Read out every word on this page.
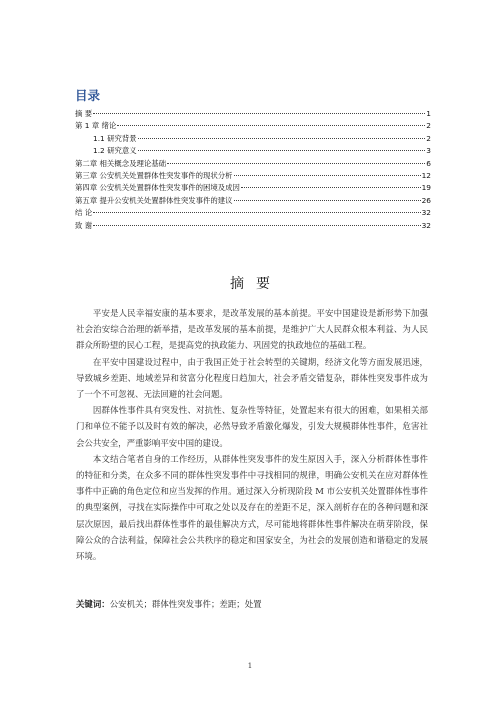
目录
摘 要	1
第 1 章 绪论	2
1.1 研究背景	2
1.2 研究意义	3
第二章 相关概念及理论基础	6
第三章 公安机关处置群体性突发事件的现状分析	12
第四章 公安机关处置群体性突发事件的困境及成因	19
第五章 提升公安机关处置群体性突发事件的建议	26
结 论	32
致 谢	32
摘要

平安是人民幸福安康的基本要求，是改革发展的基本前提。平安中国建设是新形势下加强社会治安综合治理的新举措，是改革发展的基本前提，是维护广大人民群众根本利益、为人民群众所盼望的民心工程，是提高党的执政能力、巩固党的执政地位的基础工程。

在平安中国建设过程中，由于我国正处于社会转型的关键期，经济文化等方面发展迅速，导致城乡差距、地域差异和贫富分化程度日趋加大，社会矛盾交错复杂，群体性突发事件成为了一个不可忽视、无法回避的社会问题。

因群体性事件具有突发性、对抗性、复杂性等特征，处置起来有很大的困难，如果相关部门和单位不能予以及时有效的解决，必然导致矛盾激化爆发，引发大规模群体性事件，危害社会公共安全，严重影响平安中国的建设。

本文结合笔者自身的工作经历，从群体性突发事件的发生原因入手，深入分析群体性事件的特征和分类，在众多不同的群体性突发事件中寻找相同的规律，明确公安机关在应对群体性事件中正确的角色定位和应当发挥的作用。通过深入分析现阶段 M 市公安机关处置群体性事件的典型案例，寻找在实际操作中可取之处以及存在的差距不足，深入剖析存在的各种问题和深层次原因，最后找出群体性事件的最佳解决方式，尽可能地将群体性事件解决在萌芽阶段，保障公众的合法利益，保障社会公共秩序的稳定和国家安全，为社会的发展创造和谐稳定的发展环境。

关键词：公安机关；群体性突发事件；差距；处置
1
